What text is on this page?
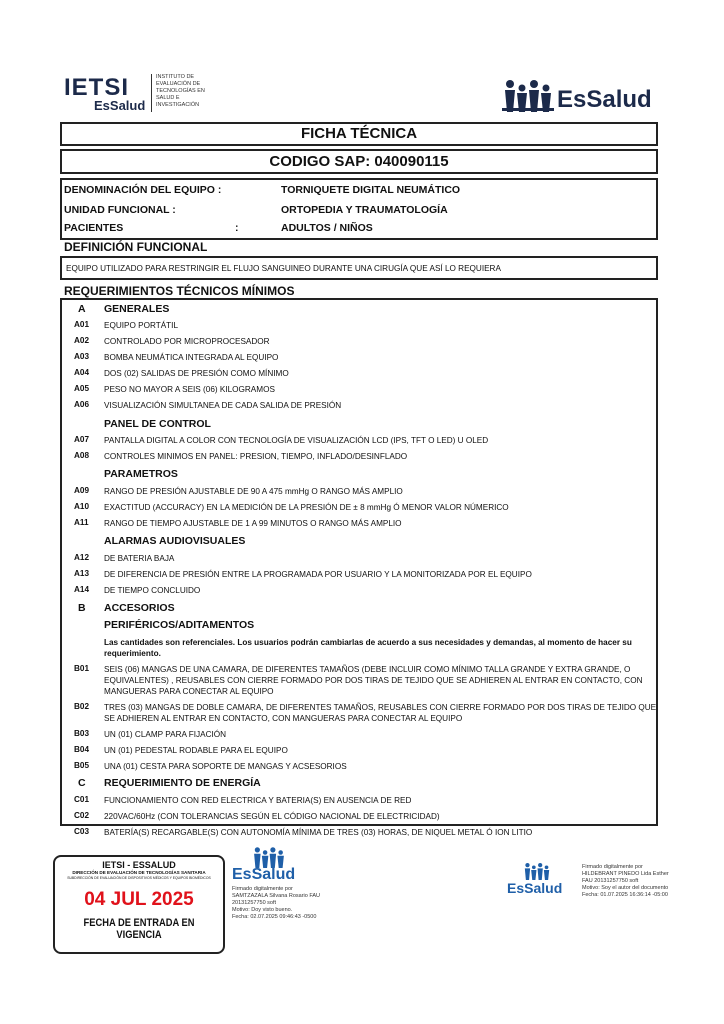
IETSI
EsSalud
INSTITUTO DE
EVALUACIÓN DE
TECNOLOGÍAS EN
SALUD E
INVESTIGACIÓN	EsSalud
FICHA TÉCNICA
CODIGO SAP: 040090115
DENOMINACIÓN DEL EQUIPO :	TORNIQUETE DIGITAL NEUMÁTICO
UNIDAD FUNCIONAL :	ORTOPEDIA Y TRAUMATOLOGÍA
PACIENTES	:	ADULTOS / NIÑOS
DEFINICIÓN FUNCIONAL
EQUIPO UTILIZADO PARA RESTRINGIR EL FLUJO SANGUINEO DURANTE UNA CIRUGÍA QUE ASÍ LO REQUIERA
REQUERIMIENTOS TÉCNICOS MÍNIMOS
A GENERALES
A01 EQUIPO PORTÁTIL
A02 CONTROLADO POR MICROPROCESADOR
A03 BOMBA NEUMÁTICA INTEGRADA AL EQUIPO
A04 DOS (02) SALIDAS DE PRESIÓN COMO MÍNIMO
A05 PESO NO MAYOR A SEIS (06) KILOGRAMOS
A06 VISUALIZACIÓN SIMULTANEA DE CADA SALIDA DE PRESIÓN
PANEL DE CONTROL
A07 PANTALLA DIGITAL A COLOR CON TECNOLOGÍA DE VISUALIZACIÓN LCD (IPS, TFT O LED) U OLED
A08 CONTROLES MINIMOS EN PANEL: PRESION, TIEMPO, INFLADO/DESINFLADO
PARAMETROS
A09 RANGO DE PRESIÓN AJUSTABLE DE 90 A 475 mmHg O RANGO MÁS AMPLIO
A10 EXACTITUD (ACCURACY) EN LA MEDICIÓN DE LA PRESIÓN DE ± 8 mmHg Ó MENOR VALOR NÚMERICO
A11 RANGO DE TIEMPO AJUSTABLE DE 1 A 99 MINUTOS O RANGO MÁS AMPLIO
ALARMAS AUDIOVISUALES
A12 DE BATERIA BAJA
A13 DE DIFERENCIA DE PRESIÓN ENTRE LA PROGRAMADA POR USUARIO Y LA MONITORIZADA POR EL EQUIPO
A14 DE TIEMPO CONCLUIDO
B ACCESORIOS
PERIFÉRICOS/ADITAMENTOS
Las cantidades son referenciales. Los usuarios podrán cambiarlas de acuerdo a sus necesidades y demandas, al momento de hacer su requerimiento.
B01 SEIS (06) MANGAS DE UNA CAMARA, DE DIFERENTES TAMAÑOS (DEBE INCLUIR COMO MÍNIMO TALLA GRANDE Y EXTRA GRANDE, O EQUIVALENTES) , REUSABLES CON CIERRE FORMADO POR DOS TIRAS DE TEJIDO QUE SE ADHIEREN AL ENTRAR EN CONTACTO, CON MANGUERAS PARA CONECTAR AL EQUIPO
B02 TRES (03) MANGAS DE DOBLE CAMARA, DE DIFERENTES TAMAÑOS, REUSABLES CON CIERRE FORMADO POR DOS TIRAS DE TEJIDO QUE SE ADHIEREN AL ENTRAR EN CONTACTO, CON MANGUERAS PARA CONECTAR AL EQUIPO
B03 UN (01) CLAMP PARA FIJACIÓN
B04 UN (01) PEDESTAL RODABLE PARA EL EQUIPO
B05 UNA (01) CESTA PARA SOPORTE DE MANGAS Y ACSESORIOS
C REQUERIMIENTO DE ENERGÍA
C01 FUNCIONAMIENTO CON RED ELECTRICA Y BATERIA(S) EN AUSENCIA DE RED
C02 220VAC/60Hz (CON TOLERANCIAS SEGÚN EL CÓDIGO NACIONAL DE ELECTRICIDAD)
C03 BATERÍA(S) RECARGABLE(S) CON AUTONOMÍA MÍNIMA DE TRES (03) HORAS, DE NIQUEL METAL Ó ION LITIO
IETSI - ESSALUD
DIRECCIÓN DE EVALUACIÓN DE TECNOLOGÍAS SANITARIA
SUBDIRECCIÓN DE EVALUACIÓN DE DISPOSITIVOS MÉDICOS Y EQUIPOS BIOMÉDICOS
04 JUL 2025
FECHA DE ENTRADA EN VIGENCIA
EsSalud
Firmado digitalmente por
SAMTZAZALA Silvana Rosario FAU
20131257750 soft
Motivo: Doy visto bueno.
Fecha: 02.07.2025 09:46:43 -0500
EsSalud
Firmado digitalmente por
HILDEBRANT PINEDO Lida Esther
FAU 20131257750 soft
Motivo: Soy el autor del documento
Fecha: 01.07.2025 16:36:14 -05:00
